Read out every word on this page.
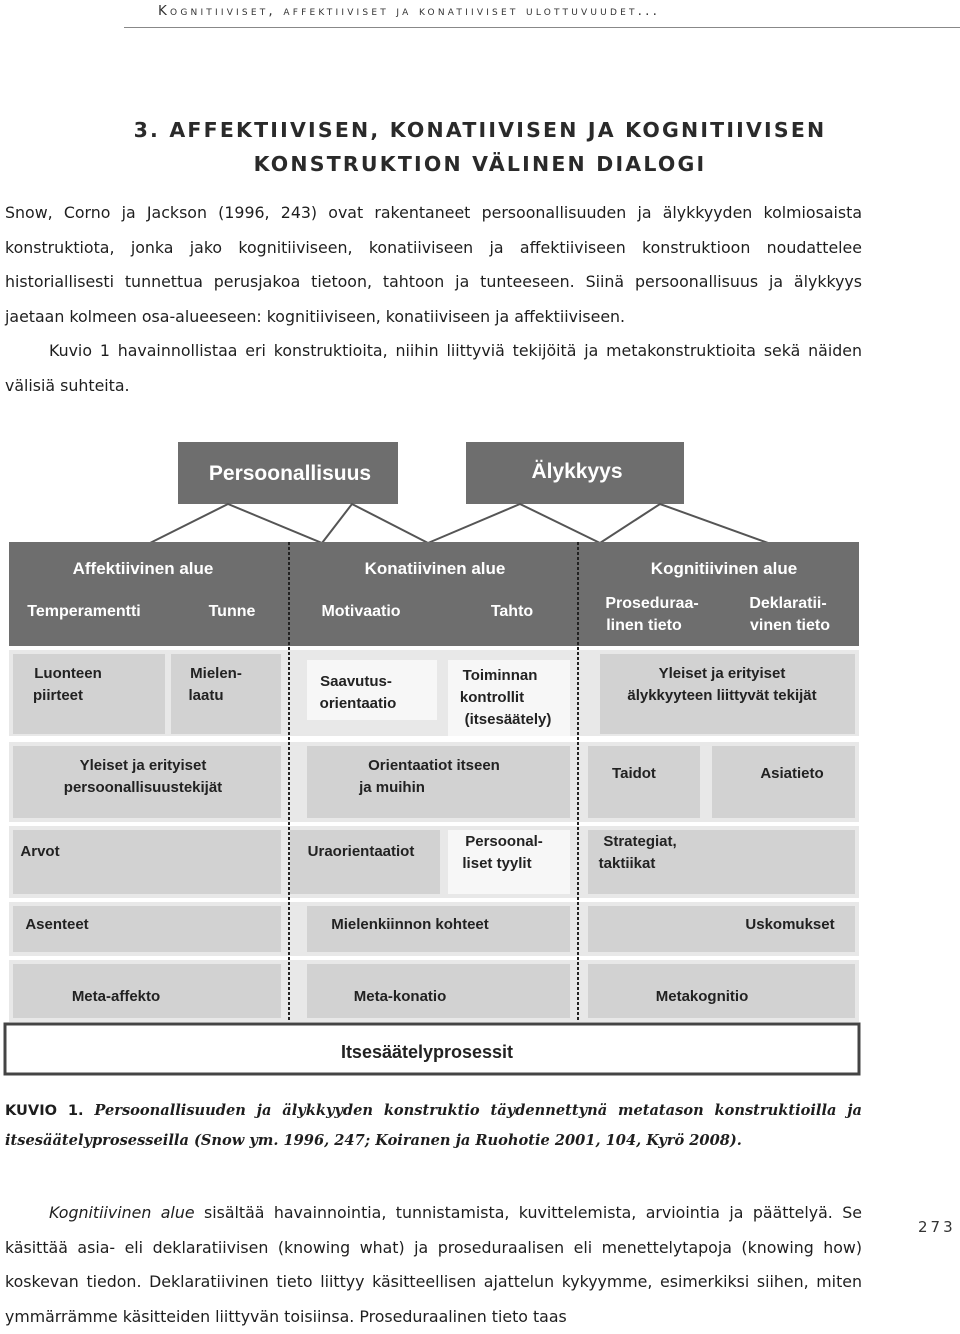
Kognitiiviset, affektiiviset ja konatiiviset ulottuvuudet...
3. AFFEKTIIVISEN, KONATIIVISEN JA KOGNITIIVISEN
KONSTRUKTION VÄLINEN DIALOGI

Snow, Corno ja Jackson (1996, 243) ovat rakentaneet persoonallisuuden ja älykkyyden kolmiosaista konstruktiota, jonka jako kognitiiviseen, konatiiviseen ja affektiiviseen konstruktioon noudattelee historiallisesti tunnettua perusjakoa tietoon, tahtoon ja tunteeseen. Siinä persoonallisuus ja älykkyys jaetaan kolmeen osa-alueeseen: kognitiiviseen, konatiiviseen ja affektiiviseen.

Kuvio 1 havainnollistaa eri konstruktioita, niihin liittyviä tekijöitä ja metakonstruktioita sekä näiden välisiä suhteita.

Persoonallisuus	Älykkyys
Affektiivinen alue
Temperamentti	Tunne
Konatiivinen alue
Motivaatio	Tahto
Kognitiivinen alue
Proseduraa-
linen tieto
Deklaratii-
vinen tieto
Luonteen
piirteet
Mielen-
laatu
Saavutus-
orientaatio
Toiminnan
kontrollit
(itsesäätely)
Yleiset ja erityiset
älykkyyteen liittyvät tekijät
Yleiset ja erityiset
persoonallisuustekijät
Orientaatiot itseen
ja muihin
Taidot	Asiatieto
Arvot	Uraorientaatiot
Persoonal-
liset tyylit
Strategiat,
taktiikat
Asenteet	Mielenkiinnon kohteet	Uskomukset
Meta-affekto	Meta-konatio	Metakognitio
Itsesäätelyprosessit
KUVIO 1. Persoonallisuuden ja älykkyyden konstruktio täydennettynä metatason konstruktioilla ja itsesäätelyprosesseilla (Snow ym. 1996, 247; Koiranen ja Ruohotie 2001, 104, Kyrö 2008).

Kognitiivinen alue sisältää havainnointia, tunnistamista, kuvittelemista, arviointia ja päättelyä. Se käsittää asia- eli deklaratiivisen (knowing what) ja proseduraalisen eli menettelytapoja (knowing how) koskevan tiedon. Deklaratiivinen tieto liittyy käsitteellisen ajattelun kykyymme, esimerkiksi siihen, miten ymmärrämme käsitteiden liittyvän toisiinsa. Proseduraalinen tieto taas

273
